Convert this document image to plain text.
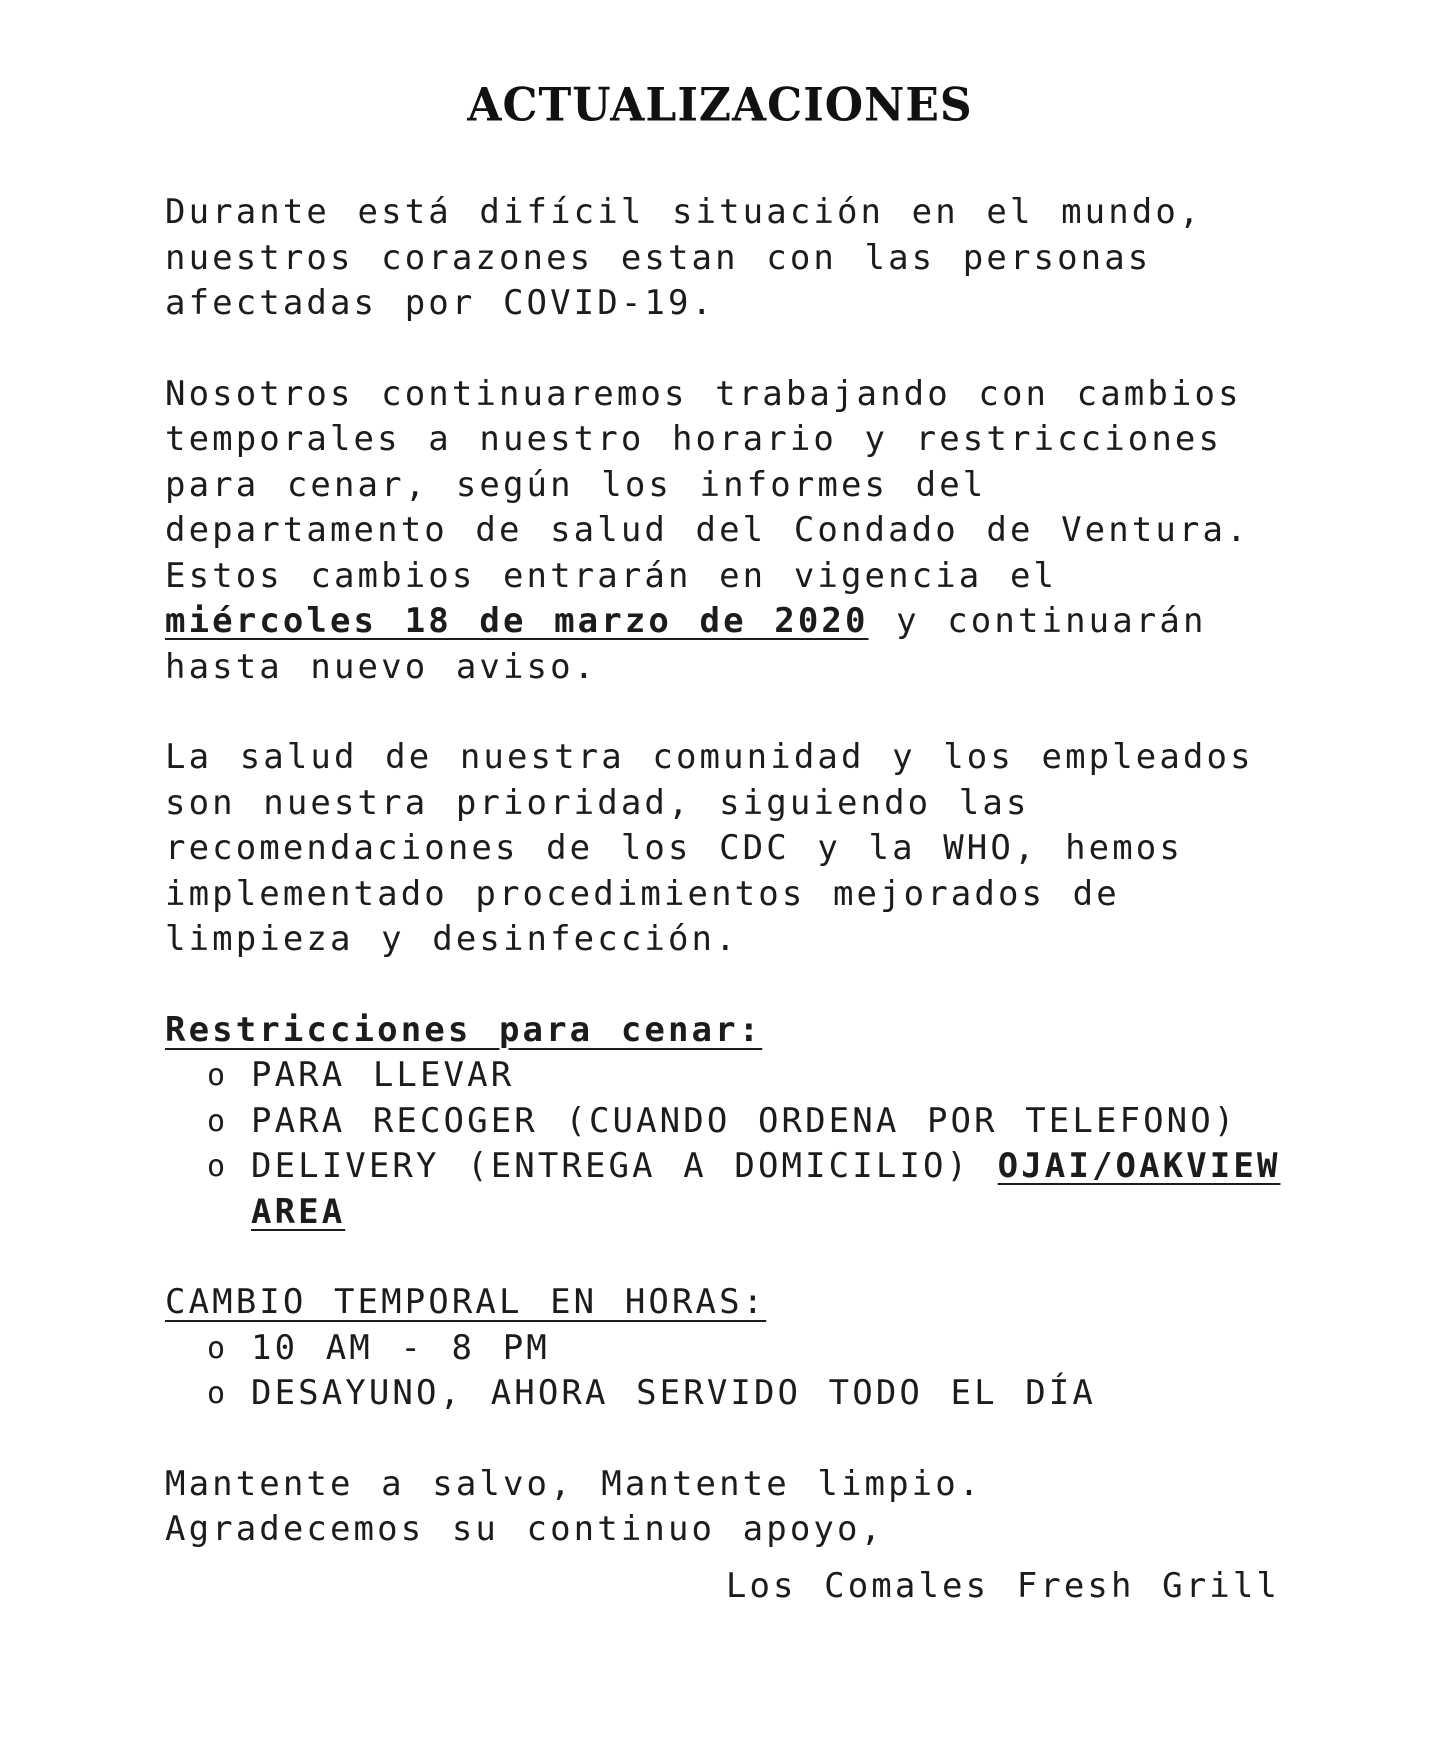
ACTUALIZACIONES

Durante está difícil situación en el mundo, nuestros corazones estan con las personas afectadas por COVID-19.

Nosotros continuaremos trabajando con cambios temporales a nuestro horario y restricciones para cenar, según los informes del departamento de salud del Condado de Ventura. Estos cambios entrarán en vigencia el miércoles 18 de marzo de 2020 y continuarán hasta nuevo aviso.

La salud de nuestra comunidad y los empleados son nuestra prioridad, siguiendo las recomendaciones de los CDC y la WHO, hemos implementado procedimientos mejorados de limpieza y desinfección.

Restricciones para cenar:

o PARA LLEVAR
o PARA RECOGER (CUANDO ORDENA POR TELEFONO)
o DELIVERY (ENTREGA A DOMICILIO) OJAI/OAKVIEW AREA

CAMBIO TEMPORAL EN HORAS:

o 10 AM - 8 PM
o DESAYUNO, AHORA SERVIDO TODO EL DÍA

Mantente a salvo, Mantente limpio.
Agradecemos su continuo apoyo,

Los Comales Fresh Grill
